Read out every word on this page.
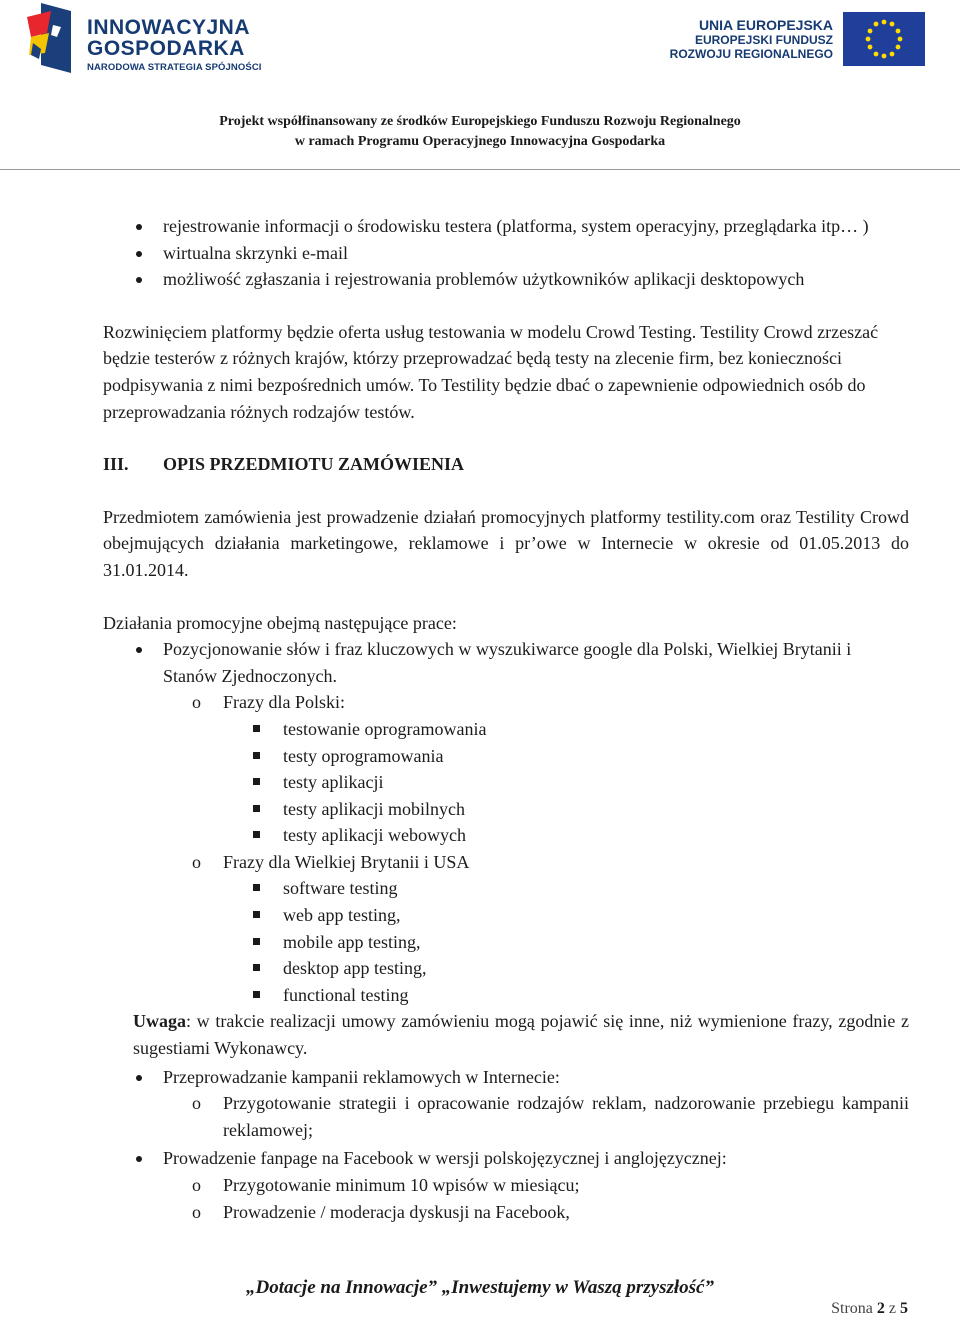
INNOWACYJNA
GOSPODARKA
NARODOWA STRATEGIA SPÓJNOŚCI
UNIA EUROPEJSKA
EUROPEJSKI FUNDUSZ
ROZWOJU REGIONALNEGO
Projekt współfinansowany ze środków Europejskiego Funduszu Rozwoju Regionalnego
w ramach Programu Operacyjnego Innowacyjna Gospodarka
rejestrowanie informacji o środowisku testera (platforma, system operacyjny, przeglądarka itp… )
wirtualna skrzynki e-mail
możliwość zgłaszania i rejestrowania problemów użytkowników aplikacji desktopowych
Rozwinięciem platformy będzie oferta usług testowania w modelu Crowd Testing. Testility Crowd zrzeszać będzie testerów z różnych krajów, którzy przeprowadzać będą testy na zlecenie firm, bez konieczności podpisywania z nimi bezpośrednich umów. To Testility będzie dbać o zapewnienie odpowiednich osób do przeprowadzania różnych rodzajów testów.
III. OPIS PRZEDMIOTU ZAMÓWIENIA
Przedmiotem zamówienia jest prowadzenie działań promocyjnych platformy testility.com oraz Testility Crowd obejmujących działania marketingowe, reklamowe i pr’owe w Internecie w okresie od 01.05.2013 do 31.01.2014.
Działania promocyjne obejmą następujące prace:
Pozycjonowanie słów i fraz kluczowych w wyszukiwarce google dla Polski, Wielkiej Brytanii i Stanów Zjednoczonych.
o Frazy dla Polski:
testowanie oprogramowania
testy oprogramowania
testy aplikacji
testy aplikacji mobilnych
testy aplikacji webowych
o Frazy dla Wielkiej Brytanii i USA
software testing
web app testing,
mobile app testing,
desktop app testing,
functional testing
Uwaga: w trakcie realizacji umowy zamówieniu mogą pojawić się inne, niż wymienione frazy, zgodnie z sugestiami Wykonawcy.
Przeprowadzanie kampanii reklamowych w Internecie:
o Przygotowanie strategii i opracowanie rodzajów reklam, nadzorowanie przebiegu kampanii reklamowej;
Prowadzenie fanpage na Facebook w wersji polskojęzycznej i anglojęzycznej:
o Przygotowanie minimum 10 wpisów w miesiącu;
o Prowadzenie / moderacja dyskusji na Facebook,
„Dotacje na Innowacje” „Inwestujemy w Waszą przyszłość”
Strona 2 z 5
